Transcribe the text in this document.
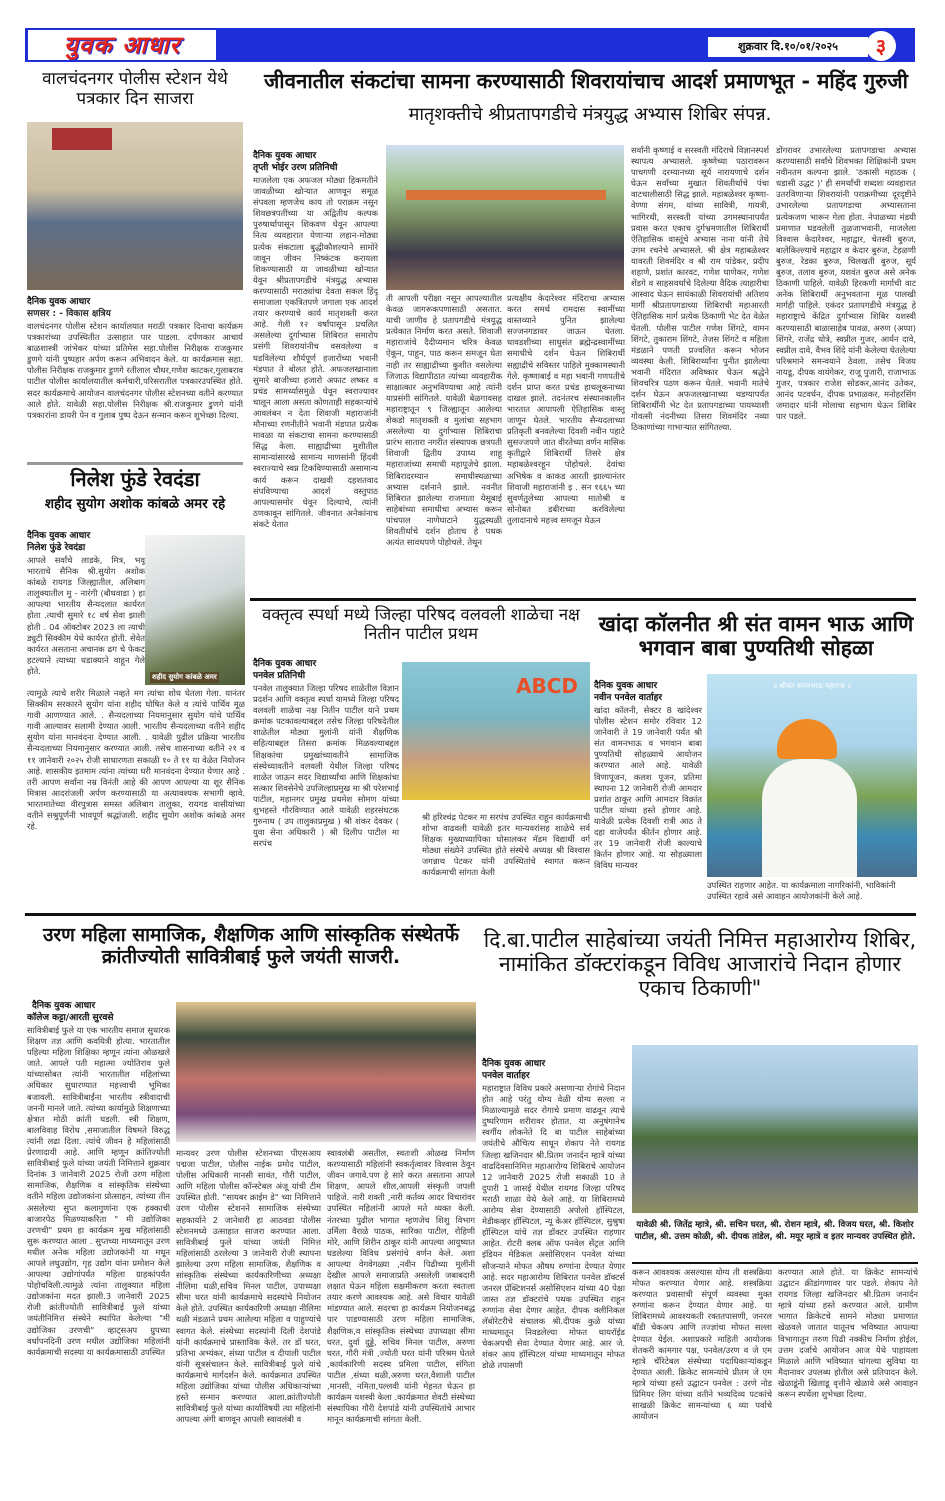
युवक आधार	शुक्रवार दि.१०/०१/२०२५	३
वालचंदनगर पोलीस स्टेशन येथे पत्रकार दिन साजरा
दैनिक युवक आधार
सणसर : - विकास क्षत्रिय
वालचंदनगर पोलीस स्टेशन कार्यालयात मराठी पत्रकार दिनाचा कार्यक्रम पत्रकारांच्या उपस्थितीत उत्साहात पार पाडला. दर्पणकार आचार्य बाळशास्त्री जांभेकर यांच्या प्रतिमेस सहा.पोलीस निरीक्षक राजकुमार डुणगे यांनी पुष्पहार अर्पण करून अभिवादन केले. या कार्यक्रमास सहा. पोलीस निरीक्षक राजकुमार डुणगे रतीलाल चौधर,गणेश काटकर,गुलाबराव पाटील पोलीस कार्यालयातील कर्मचारी,परिसरातील पत्रकारउपस्थित होते. सदर कार्यक्रमाचे आयोजन वालचंदनगर पोलीस स्टेशनच्या वतीने करण्यात आले होते. यावेळी सहा.पोलीस निरीक्षक श्री.राजकुमार डुणगे यांनी पत्रकारांना डायरी पेन व गुलाब पुष्प देऊन सन्मान करून शुभेच्छा दिल्या.
निलेश फुंडे रेवदंडा
शहीद सुयोग अशोक कांबळे अमर रहे
दैनिक युवक आधार
निलेश फुंडे रेवदंडा
आपले सर्वांचे लाडके, मित्र, भवू भारताचे सैनिक श्री.सुयोग अशोक कांबळे रायगड जिल्ह्यातील, अलिबाग तालुक्यातील मु - नारंगी (बौधवाडा ) हा आपल्या भारतीय सैन्यदलात कार्यरत होता .त्याची सुमारे १८ वर्ष सेवा झाली होती . 04 ऑक्टोबर 2023 ला त्याची ड्युटी सिक्कीम येथे कार्यरत होती. सेवेत कार्यरत असताना अचानक ढग चे फेकट हटल्याने त्याच्या धडाक्याने वाहून गेले होते.
शहीद सुयोग कांबळे अमर
त्यामुळे त्याचे शरीर मिळाले नव्हते मग त्यांचा शोध घेतला गेला. यानंतर सिक्कीम सरकारने सुयोग यांना शहीद घोषित केले व त्यांचे पार्थिव मूळ गावी आणण्यात आले. . सैन्यदलाच्या नियमानुसार सुयोग यांचे पार्थिव गावी आल्यावर सलामी देण्यात आली. भारतीय सैन्यदलाच्या वतीने शहीद सुयोग यांना मानवंदना देण्यात आली. . यावेळी पुढील प्रक्रिया भारतीय सैन्यदलाच्या नियमानुसार करण्यात आली. तसेच शासनाच्या वतीने २१ व ११ जानेवारी २०२५ रोजी साधारणता सकाळी १० ते ११ या वेळेत नियोजन आहे. शासकीय इतमाम त्यांना त्यांच्या घरी मानवंदना देण्यात येणार आहे . तरी आपण सर्वांना नम्र विनंती आहे की आपण आपल्या या शूर सैनिक मित्रास आदरांजली अर्पण करण्यासाठी या अत्यावश्यक सभागी व्हावे. भारतमातेच्या वीरपुत्रास समस्त अलिबाग तालुका, रायगड वासीयांच्या वतीने सश्रुपूर्णनी भावपूर्ण श्रद्धांजली. शहीद सुयोग अशोक कांबळे अमर रहे.
जीवनातील संकटांचा सामना करण्यासाठी शिवरायांचाच आदर्श प्रमाणभूत - महिंद गुरुजी
मातृशक्तीचे श्रीप्रतापगडीचे मंत्रयुद्ध अभ्यास शिबिर संपन्न.
दैनिक युवक आधार
तृप्ती भोईर उरण प्रतिनिधी
माजलेला एक अफजल मोठ्या हिकमतीने जावळीच्या खोऱ्यात आणवून समूळ संपवला म्हणजेच काय तो पराक्रम नसून शिवछत्रपतींच्या या अद्वितीय कल्पक पुरुषार्थापासून शिकवण घेवून आपल्या नित्य व्यवहारात येणाऱ्या लहान-मोठ्या प्रत्येक संकटाला बुद्धीकौशल्याने सामोरे जावून जीवन निष्कंटक करायला शिकण्यासाठी या जावळीच्या खोऱ्यात येवून श्रीप्रतापगडीचे मंत्रयुद्ध अभ्यास करण्यासाठी मराठ्यांचा देवता सकल हिंदू समाजाला एकत्रितपणे जगाला एक आदर्श तयार करण्याचे कार्य मातृशक्ती करत आहे. गेली १२ वर्षांपासून प्रचलित असलेल्या दुर्गाभ्यास शिबिरात समारोप प्रसंगी शिवरायांनीच वसवलेल्या व घडविलेल्या शौर्यपूर्ण हजारोंच्या भवानी मंडपात ते बोलत होते. अफजलखानाला सुमारे बाजीच्या हजारो अफाट लष्कर व प्रचंड सामर्थ्यासमुळे घेवून स्वराज्यावर चालून आला असता कोणताही सहकाऱ्यांचे आवलंबन न देता शिवाजी महाराजांनी मौनाच्या रणनीतीने भवानी मंडपात प्रत्येक मावळा या संकटाचा सामना करण्यासाठी सिद्ध केला. साह्याद्रीच्या मुशीतील सामान्यांसारखे सामान्य माणसांनी हिंदवी स्वराज्याचे स्वप्न टिकविण्यासाठी असामान्य कार्य करून दाखवी दहशतवाद संपविण्याचा आदर्श वस्तुपाठ आपल्यासमोर घेवून दिल्याचे, त्यांनी ठणकावून सांगितले. जीवनात अनेकांनाच संकटे येतात
ती आपली परीक्षा नसून आपल्यातील केवळ जागरूकपणासाठी असतात. याची जाणीव हे प्रतापगडीचे मंत्रयुद्ध प्रत्येकात निर्माण करत असते. शिवाजी महाराजांचे दैदीप्यमान चरित्र केवळ ऐकून, पाहून, पाठ करून समजून घेता नाही तर साह्याद्रीच्या कुशीत वसलेल्या जिजाऊ विद्यापीठात त्यांच्या व्यवहारीक साक्षात्कार अनुभविण्याचा आहे त्यांनी याप्रसंगी सांगितले. यावेळी बेळगावसह महाराष्ट्रातून ९ जिल्ह्यातून आलेल्या शेकडो मातृशक्ती व मुलांचा सहभाग असलेल्या या दुर्गाभ्यास शिबिराचा प्रारंभ सातारा नगरीत संस्थापक छत्रपती शिवाजी द्वितीय उपाध्य शाहू महाराजांच्या समाधी महापूजेचे झाला. शिबिरादरम्यान समाधीस्थळाच्या अभ्यास दर्शनाने झाले. नवनीत शिबिरात झालेल्या राजमाता येसूबाई साहेबांच्या समाधीचा अभ्यास करून पांचपाल नाणेघाटाने युद्धस्थळी शिवतीर्थाचे दर्शन होताच हे पथक अत्यंत सावधपणे पोहोचले. तेथून
प्रत्यक्षीय केदारेश्वर मंदिराचा अभ्यास करत समर्थ रामदास स्वामींच्या वास्तव्याने पुनित झालेल्या सज्जनगडावर जाऊन घेतला. धावडशीच्या साधुसंत ब्रह्मेन्द्रस्वामींच्या समाधीचे दर्शन घेऊन शिबिरार्थी सह्याद्रीचे सविस्तर पाहिले मुक्कामस्थानी गेले. कृष्णाबाई व महा भवानी गणपतीचे दर्शन प्राप्त करत प्रचंड हाथलूकनाच्या दाखल झाले. तदनंतरच संस्थानकालीन भारतात आपापली ऐतिहासिक वास्तू जाणून घेतले. भारतीय सैन्यदलाच्या प्रतिकृती बनवलेल्या दिवशी नवीन पहाटे सुसज्जपणे जात वीरतेच्या वर्णन मासिक कृतीद्वारे शिबिरार्थी तिसरे क्षेत्र महाबळेश्वरहून पोहोचले. देवांचा अभिषेक व काकड आरती झाल्यानंतर शिवाजी महाराजांनी इ . सन १६६५ च्या सुवर्णतुलेच्या आपल्या मातोश्री व सोनोबत डबीराच्या करविलेल्या तुलादानाचे महत्त्व समजून घेऊन
सर्वांनी कृष्णाई व सरस्वती मंदिराचे विज्ञानस्पर्श स्थापत्य अभ्यासले. कृष्णेच्या पठारावरून पाचगणी दरम्यानच्या सूर्य नारायणाचे दर्शन घेऊन सर्वांच्या मुखात शिवतीर्थाचे पंचा वाटचालीसाठी सिद्ध झाले. महाबळेश्वर कृष्णा-वेण्णा संगम, यांच्या सावित्री, गायत्री, भागिरथी, सरस्वती यांच्या उगमस्थानापर्यंत प्रवास करत एकाच दुर्गभ्रमणातील शिबिरार्थी ऐतिहासिक वास्तूंचे अभ्यास नाना यांनी तेथे उगम रचनेचे अभ्यासले. श्री क्षेत्र महाबळेश्वर यावरती शिवमंदिर व श्री राम पांडेकर, प्रदीप शहाणे, प्रशांत कारवट, गणेश घाणेकर, गणेश शेंडगे व साहसवर्धाचे दिलेल्या वैदिक त्याहारीचा आस्वाद घेऊन सायंकाळी शिवरायांची अतिशय मार्गी श्रीप्रतापगडाच्या शिबिराची महाआरती ऐतिहासिक मार्ग प्रत्येक ठिकाणी भेट देत वेळेत घेतली. पोलीस पाटील गणेश शिंगटे, वामन शिंगटे, तुकाराम शिंगटे, तेजस शिंगटे व महिला मंडळाने पणती प्रज्वलित करून भोजन व्यवस्था केली. शिबिरार्थ्यांना पुनीत झालेल्या भवानी मंदिरात अविष्कार घेऊन श्रद्धेने शिवचरित्र पठण करून घेतले. भवानी मातेचे दर्शन घेऊन अफजलखानाच्या थडग्यापर्यंत शिबिरार्थींनी भेट देत प्रतापगडाच्या पायथ्याशी गोवत्सी नंदनीच्या तिसरा शिवमंदिर नव्या ठिकाणांच्या गाभाऱ्यात सांगितल्या.
डोंगरावर उभारलेल्या प्रतापगडाचा अभ्यास करण्यासाठी सर्वांचे शिवभक्त शिक्षिकांनी प्रथम नवीनतम कल्पना झाले. 'ठकासी महाठक ( धडासी उद्धट )' ही समर्थांची शब्दशः व्यवहारात उतरविणाऱ्या शिवरायांनी पराक्रमीच्या दूरदृष्टीने उभारलेल्या प्रतापगडाचा अभ्यासताना प्रत्येकजण भारून गेला होता. नेपाळच्या मंडयी प्रमाणात घडवलेली तुळजाभवानी, माजलेला विश्वास केदारेश्वर, महाद्वार, चेतस्वी बुरुज, बालेकिल्ल्याचे महाद्वार व केदार बुरुज, टेहळणी बुरुज, रेडका बुरुज, चिलखती बुरुज, सूर्य बुरुज, तलाव बुरुज, यशवंत बुरुज असे अनेक ठिकाणी पाहिले. यावेळी हिरकणी मार्गाची वाट अनेक शिबिरार्थी अनुभवताना मूळ पालखी मार्गही पाहिले. एकंदर प्रतापगडीचे मंत्रयुद्ध हे महाराष्ट्राचे केंद्रित दुर्गाभ्यास शिबिर यशस्वी करण्यासाठी बाळासाहेब पावळ, अरुण (अप्पा) शिंगरे, राजेंद्र धोत्रे, स्वप्नील गुजर, आर्यन दावे, स्वप्नील दावे, वैभव शिंदे यांनी केलेल्या घेतलेल्या परिश्रमाने समन्वयाने ठेवला. तसेच विजय नायडू, दीपक वायंगेकर, राजू पुजारी, राजाभाऊ गुजर, पत्रकार राजेश सोडकर,आनंद उतेकर, आनंद पटवर्धन, दीपक प्रभाळकर, मनोहरसिंग जमादार यांनी मोलाचा सहभाग घेऊन शिबिर पार पडले.
वक्तृत्व स्पर्धा मध्ये जिल्हा परिषद वलवली शाळेचा नक्ष नितीन पाटील प्रथम
दैनिक युवक आधार
पनवेल प्रतिनिधी
पनवेल तालुक्यात जिल्हा परिषद शाळेतील विज्ञान प्रदर्शन आणि वक्तृत्व स्पर्धा यामध्ये जिल्हा परिषद वलवली शाळेचा नक्ष नितीन पाटील याने प्रथम क्रमांक पटकावल्याबद्दल तसेच जिल्हा परिषदेतील शाळेतील मोठ्या मुलांनी यांनी शैक्षणिक सहित्याबद्दल तिसरा क्रमांक मिळवल्याबद्दल शिक्षकांचा प्रमुखांच्यावतीने सामाजिक संस्थेच्यावतीने वलवली येथील जिल्हा परिषद शाळेत जाऊन सदर विद्यार्थ्यांचा आणि शिक्षकांचा सत्कार शिवसेनेचे उपजिल्हाप्रमुख मा श्री परेशभाई पाटील, महानगर प्रमुख प्रथमेश सोमण यांच्या शुभहस्ते गौरविण्यात आले यावेळी शहरसंघटक गुरुनाथ ( उप तालुकाप्रमुख ) श्री शंकर देवकर ( युवा सेना अधिकारी ) श्री दिलीप पाटील मा सरपंच
ABCD
श्री हरिश्चंद्र पेटकर मा सरपंच उपस्थित राहून कार्यक्रमाची शोभा वाढवली यावेळी इतर मान्यवरांसह शाळेचे सर्व शिक्षक मुख्याध्यापिका घोसालकर मॅडम विद्यार्थी वर्ग मोठ्या संख्येने उपस्थित होते संस्थेचे अध्यक्ष श्री विश्वास जगन्नाथ पेटकर यांनी उपस्थितांचे स्वागत करून कार्यक्रमाची सांगता केली
खांदा कॉलनीत श्री संत वामन भाऊ आणि भगवान बाबा पुण्यतिथी सोहळा
दैनिक युवक आधार
नवीन पनवेल वार्ताहर
खांदा कॉलनी, सेक्टर 8 खांदेश्वर पोलीस स्टेशन समोर रविवार 12 जानेवारी ते 19 जानेवारी पर्यंत श्री संत वामनभाऊ व भगवान बाबा पुण्यतिथी सोहळ्याचे आयोजन करण्यात आले आहे. यावेळी विणापूजन, कलश पूजन, प्रतिमा स्थापना 12 जानेवारी रोजी आमदार प्रशांत ठाकूर आणि आमदार विक्रांत पाटील यांच्या हस्ते होणार आहे. यावेळी प्रत्येक दिवशी रात्री आठ ते दहा वाजेपर्यंत कीर्तन होणार आहे. तर 19 जानेवारी रोजी काल्याचे किर्तन होणार आहे. या सोहळ्याला विविध मान्यवर
॥ श्रीसंत वामनभाऊ महाराज ॥
उपस्थित राहणार आहेत. या कार्यक्रमाला नागरिकांनी, भाविकांनी उपस्थित रहावे असे आवाहन आयोजकांनी केले आहे.
उरण महिला सामाजिक, शैक्षणिक आणि सांस्कृतिक संस्थेतर्फे क्रांतीज्योती सावित्रीबाई फुले जयंती साजरी.
दैनिक युवक आधार
कॉलेज कट्टा/आरती सुरवसे
सावित्रीबाई फुले या एक भारतीय समाज सुधारक शिक्षण तज्ञ आणि कवयित्री होत्या. भारतातील पहिल्या महिला शिक्षिका म्हणून त्यांना ओळखले जाते. आपले पती महात्मा ज्योतिराव फुले यांच्यासोबत त्यांनी भारतातील महिलांच्या अधिकार सुधारण्यात महत्त्वाची भूमिका बजावली. सावित्रीबाईंना भारतीय स्त्रीवादाची जननी मानले जाते. त्यांच्या कार्यामुळे शिक्षणाच्या क्षेत्रात मोठी क्रांती घडली. स्त्री शिक्षण, बालविवाह विरोध ,समाजातील विषमते विरुद्ध त्यांनी लढा दिला. त्यांचे जीवन हे महिलांसाठी प्रेरणादायी आहे. आणि म्हणून क्रांतिज्योती सावित्रीबाई फुले यांच्या जयंती निमित्ताने शुक्रवार दिनांक 3 जानेवारी 2025 रोजी उरण महिला सामाजिक, शैक्षणिक व सांस्कृतिक संस्थेच्या वतीने महिला उद्योजकांना प्रोत्साहन, त्यांच्या तीन असलेल्या सुप्त कलागुणांना एक हक्काची बाजारपेठ मिळण्याकरिता " मी उद्योजिका उरणची" प्रथम हा कार्यक्रम मुख महिलांसाठी सुरू करण्यात आला . सुप्तच्या माध्यमातून उरण मधील अनेक महिला उद्योजकांनी या मधून आपले लघुउद्योग, गृह उद्योग यांना प्रमोशन केले आपल्या उद्योगांपर्यंत महिला ग्राहकांपर्यंत पोहोचविली.त्यामुळे त्यांना तालुक्यात महिला उद्योजकांना मदत झाली.3 जानेवारी 2025 रोजी क्रांतीज्योती सावित्रीबाई फुले यांच्या जयंतीनिमित्त संस्थेने स्थापित केलेल्या "मी उद्योजिका उरणची" व्हाट्सअप ग्रुपच्या वर्धापनदिनी उरण मधील उद्योजिका महिलांनी कार्यक्रमाची सदस्या या कार्यक्रमासाठी उपस्थित
मान्यवर उरण पोलीस स्टेशनच्या पीएसआय पद्मजा पाटील, पोलीस नाईक प्रमोद पाटील, पोलीस अधिकारी मानसी सावंत, गौरी पाटील, आणि महिला पोलीस कॉन्स्टेबल अंजू यांची टीम उपस्थित होती. "सायबर क्राईम डे" च्या निमित्ताने उरण पोलीस स्टेशनने सामाजिक संस्थेच्या सहकार्याने 2 जानेवारी हा आठवडा पोलीस स्टेशनमध्ये उत्साहात साजरा करण्यात आला. सावित्रीबाई फुले यांच्या जयंती निमित्त महिलांसाठी ठरलेल्या 3 जानेवारी रोजी स्थापना झालेल्या उरण महिला सामाजिक, शैक्षणिक व सांस्कृतिक संस्थेच्या कार्यकारिणीच्या अध्यक्षा नीलिमा थळी,सचिव मिनल पाटील, उपाध्यक्षा सीमा घरत यांनी कार्यक्रमाचे सदस्यांचे नियोजन केले होते. उपस्थित कार्यकारिणी अध्यक्षा नीलिमा थळी मंडळाने प्रथम आलेल्या महिला व पाहुण्यांचे स्वागत केले. संस्थेच्या सदस्यांनी दिली देशपांडे यांनी कार्यक्रमाचे प्रास्ताविक केले. तर डॉ घरत, प्रतिभा अभ्यंकर, संध्या पाटील व दीपाली पाटील यांनी सूत्रसंचालन केले. सावित्रीबाई फुले यांचे कार्यक्रमाचे मार्गदर्शन केले. कार्यक्रमात उपस्थित महिला उद्योजिका यांच्या पोलीस अधिकाऱ्यांच्या हस्ते सन्मान करण्यात आला.क्रांतीज्योती सावित्रीबाई फुले यांच्या कार्याविषयी त्या महिलांनी आपल्या अंगी बाणवून आपली स्वावलंबी व
स्वावलंबी असतील, स्वतःशी ओळख निर्माण करण्यासाठी महिलांनी स्वकर्तृत्वावर विश्वास ठेवून जीवन जगावे.पण हे सारे करत असताना आपले शिक्षण, आपले शील,आपली संस्कृती जपली पाहिजे. नारी शक्ती ,नारी कर्तव्य आदर विचारांवर उपस्थित महिलांनी आपले मते व्यक्त केली. नंतरच्या पुढील भागात म्हणजेच शिशु विभाग उर्मिला वैराळे पाठक, सारिका पाटील, रोहिणी मोरे, आणि शिरीन ठाकूर यांनी आपल्या आयुष्यात घडलेल्या विविध प्रसंगांचे वर्णन केले. अशा आपल्या वेगवेगळ्या ,नवीन पिढीच्या मुलींनी देखील आपले समाजाप्रति असलेली जबाबदारी लक्षात घेऊन महिला सक्षमीकरण करता स्वतःला तयार करणे आवश्यक आहे. असे विचार यावेळी मांडण्यात आले. सदरचा हा कार्यक्रम नियोजनबद्ध पार पाडण्यासाठी उरण महिला सामाजिक, शैक्षणिक,व सांस्कृतिक संस्थेच्या उपाध्यक्षा सीमा घरत, दुर्वा दुड्डे, सचिव मिनल पाटील, अरुणा घरत, गौरी मंत्री ,ज्योती घरत यांनी परिश्रम घेतले ,कार्यकारिणी सदस्य प्रमिला पाटील, संगिता पाटील ,संध्या थळी,अरुणा घरत,वैशाली पाटील ,मानसी, नमिता,पल्लवी यांनी मेहनत घेऊन हा कार्यक्रम यशस्वी केला .कार्यक्रमात शेवटी संस्थेच्या संस्थापिका गौरी देशपांडे यांनी उपस्थितांचे आभार मानून कार्यक्रमाची सांगता केली.
दि.बा.पाटील साहेबांच्या जयंती निमित्त महाआरोग्य शिबिर, नामांकित डॉक्टरांकडून विविध आजारांचे निदान होणार एकाच ठिकाणी"
दैनिक युवक आधार
पनवेल वार्ताहर
महाराष्ट्रात विविध प्रकारे असणाऱ्या रोगांचे निदान होत आहे परंतु योग्य वेळी योग्य सल्ला न मिळाल्यामुळे सदर रोगाचे प्रमाण वाढवून त्याचे दुष्परिणाम शरीरावर होतात. या अनुषंगानेच स्वर्गीय लोकनेते दि बा पाटील साहेबांच्या जयंतीचे औचित्य साधून शेकाप नेते रायगड जिल्हा खजिनदार श्री.प्रितम जनार्दन म्हात्रे यांच्या वाढदिवसानिमित्त महाआरोग्य शिबिराचे आयोजन 12 जानेवारी 2025 रोजी सकाळी 10 ते दुपारी 1 जासई येथील रायगड जिल्हा परिषद मराठी शाळा येथे केले आहे. या शिबिरामध्ये आरोग्य सेवा देण्यासाठी अपोलो हॉस्पिटल, मेडीकव्हर हॉस्पिटल, न्यू केअर हॉस्पिटल, सुश्रुषा हॉस्पिटल यांचे तज्ञ डॉक्टर उपस्थित राहणार आहेत. रोटरी क्लब ऑफ पनवेल सेंट्रल आणि इंडियन मेडिकल असोसिएशन पनवेल यांच्या सौजन्याने मोफत औषध रुग्णांना देण्यात येणार आहे. सदर महाआरोग्य शिबिरात पनवेल डॉक्टर्स जनरल प्रॅक्टिशनर्स असोसिएशन यांच्या 40 पेक्षा जास्त तज्ञ डॉक्टरांचे पथक उपस्थित राहून रुग्णांना सेवा देणार आहेत. दीपक क्लीनिकल लॅबोरेटरीचे संचालक श्री.दीपक कुळे यांच्या माध्यमातून निवडलेल्या मोफत थायरॉईड चेकअपची सेवा देण्यात येणार आहे. आर जे. शंकर आय हॉस्पिटल यांच्या माध्यमातून मोफत डोळे तपासणी
यावेळी श्री. जितेंद्र म्हात्रे, श्री. सचिन घरत, श्री. रोशन म्हात्रे, श्री. विजय घरत, श्री. किशोर पाटील, श्री. उत्तम कोळी, श्री. दीपक तांडेल, श्री. मयूर म्हात्रे व इतर मान्यवर उपस्थित होते.
करून आवश्यक असल्यास योग्य ती शस्त्रक्रिया मोफत करण्यात येणार आहे. शस्त्रक्रिया करण्यात प्रवासाची संपूर्ण व्यवस्था मुक्त रुग्णांना करून देण्यात येणार आहे. या शिबिरामध्ये आवश्यकती रक्ततपासणी, जनरल बॉडी चेकअप आणि तज्ज्ञांचा मोफत सल्ला देण्यात येईल. अशाप्रकारे माहिती आयोजक शेतकरी कामगार पक्ष, पनवेल/उरण व जे एम म्हात्रे चॅरिटेबल संस्थेच्या पदाधिकाऱ्यांकडून देण्यात आली. क्रिकेट सामन्यांचे प्रीतम जे एम म्हात्रे यांच्या हस्ते उद्घाटन पनवेल : उरणे नोड प्रिमियर लिग यांच्या वतीने भव्यदिव्य पटकांचे साखळी क्रिकेट सामन्यांच्या ६ व्या पर्वाचे आयोजन
करण्यात आले होते. या क्रिकेट सामन्यांचे उद्घाटन क्रीडांगणावर पार पडले. शेकाप नेते रायगड जिल्हा खजिनदार श्री.प्रितम जनार्दन म्हात्रे यांच्या हस्ते करण्यात आले. ग्रामीण भागात क्रिकेटचे सामने मोठ्या प्रमाणात खेळवले जातात यातूनच भविष्यात आपल्या विभागातून तरुण पिढी नक्कीच निर्माण होईल, उत्तम दर्जाचे आयोजन आज येथे पाहायला मिळाले आणि भविष्यात चांगल्या सुविधा या मैदानावर उपलब्ध होतील असे प्रतिपादन केले. खेळाडूंनी खिलाडू वृत्तीने खेळावे असे आवाहन करून स्पर्धेला शुभेच्छा दिल्या.
